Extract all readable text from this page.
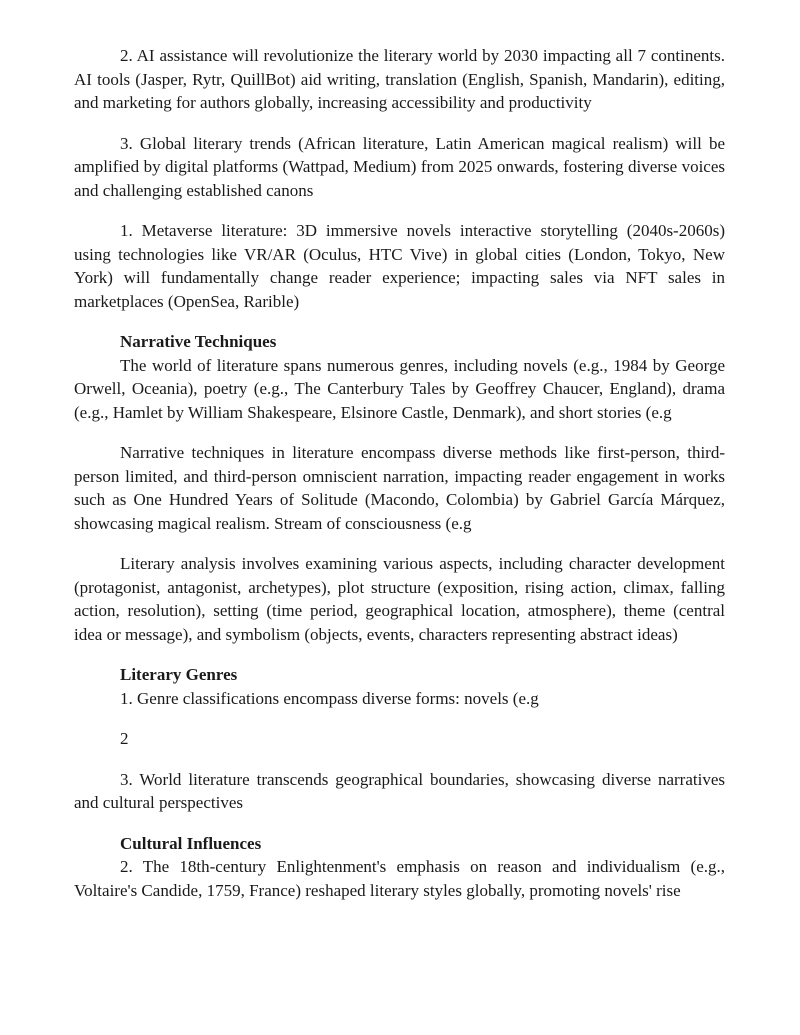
2. AI assistance will revolutionize the literary world by 2030 impacting all 7 continents. AI tools (Jasper, Rytr, QuillBot) aid writing, translation (English, Spanish, Mandarin), editing, and marketing for authors globally, increasing accessibility and productivity

3. Global literary trends (African literature, Latin American magical realism) will be amplified by digital platforms (Wattpad, Medium) from 2025 onwards, fostering diverse voices and challenging established canons

1. Metaverse literature: 3D immersive novels interactive storytelling (2040s-2060s) using technologies like VR/AR (Oculus, HTC Vive) in global cities (London, Tokyo, New York) will fundamentally change reader experience; impacting sales via NFT sales in marketplaces (OpenSea, Rarible)

Narrative Techniques

The world of literature spans numerous genres, including novels (e.g., 1984 by George Orwell, Oceania), poetry (e.g., The Canterbury Tales by Geoffrey Chaucer, England), drama (e.g., Hamlet by William Shakespeare, Elsinore Castle, Denmark), and short stories (e.g

Narrative techniques in literature encompass diverse methods like first-person, third-person limited, and third-person omniscient narration, impacting reader engagement in works such as One Hundred Years of Solitude (Macondo, Colombia) by Gabriel García Márquez, showcasing magical realism. Stream of consciousness (e.g

Literary analysis involves examining various aspects, including character development (protagonist, antagonist, archetypes), plot structure (exposition, rising action, climax, falling action, resolution), setting (time period, geographical location, atmosphere), theme (central idea or message), and symbolism (objects, events, characters representing abstract ideas)

Literary Genres

1. Genre classifications encompass diverse forms: novels (e.g

2

3. World literature transcends geographical boundaries, showcasing diverse narratives and cultural perspectives

Cultural Influences

2. The 18th-century Enlightenment's emphasis on reason and individualism (e.g., Voltaire's Candide, 1759, France) reshaped literary styles globally, promoting novels' rise
